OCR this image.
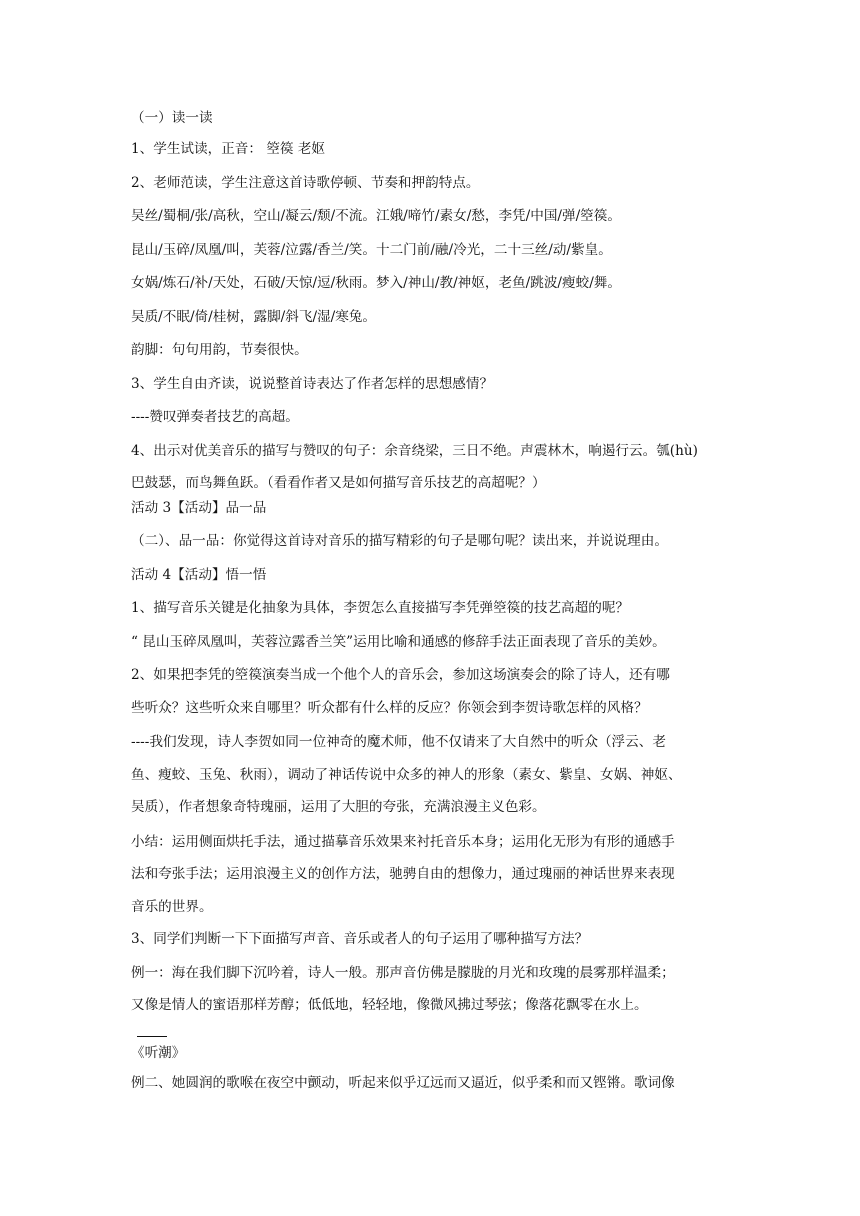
（一）读一读

1、学生试读，正音： 箜篌 老妪

2、老师范读，学生注意这首诗歌停顿、节奏和押韵特点。

吴丝/蜀桐/张/高秋，空山/凝云/颓/不流。江娥/啼竹/素女/愁，李凭/中国/弹/箜篌。

昆山/玉碎/凤凰/叫，芙蓉/泣露/香兰/笑。十二门前/融/冷光，二十三丝/动/紫皇。

女娲/炼石/补/天处，石破/天惊/逗/秋雨。梦入/神山/教/神妪，老鱼/跳波/瘦蛟/舞。

吴质/不眠/倚/桂树，露脚/斜飞/湿/寒兔。

韵脚：句句用韵，节奏很快。

3、学生自由齐读，说说整首诗表达了作者怎样的思想感情？

----赞叹弹奏者技艺的高超。

4、出示对优美音乐的描写与赞叹的句子：余音绕梁，三日不绝。声震林木，响遏行云。瓠(hù)
巴鼓瑟，而鸟舞鱼跃。（看看作者又是如何描写音乐技艺的高超呢？）

活动 3【活动】品一品

（二）、品一品：你觉得这首诗对音乐的描写精彩的句子是哪句呢？读出来，并说说理由。

活动 4【活动】悟一悟

1、描写音乐关键是化抽象为具体，李贺怎么直接描写李凭弹箜篌的技艺高超的呢？

“ 昆山玉碎凤凰叫，芙蓉泣露香兰笑”运用比喻和通感的修辞手法正面表现了音乐的美妙。

2、如果把李凭的箜篌演奏当成一个他个人的音乐会，参加这场演奏会的除了诗人，还有哪
些听众？这些听众来自哪里？听众都有什么样的反应？你领会到李贺诗歌怎样的风格？
----我们发现，诗人李贺如同一位神奇的魔术师，他不仅请来了大自然中的听众（浮云、老
鱼、瘦蛟、玉兔、秋雨），调动了神话传说中众多的神人的形象（素女、紫皇、女娲、神妪、
吴质），作者想象奇特瑰丽，运用了大胆的夸张，充满浪漫主义色彩。
小结：运用侧面烘托手法，通过描摹音乐效果来衬托音乐本身；运用化无形为有形的通感手
法和夸张手法；运用浪漫主义的创作方法，驰骋自由的想像力，通过瑰丽的神话世界来表现
音乐的世界。

3、同学们判断一下下面描写声音、音乐或者人的句子运用了哪种描写方法？

例一：海在我们脚下沉吟着，诗人一般。那声音仿佛是朦胧的月光和玫瑰的晨雾那样温柔；
又像是情人的蜜语那样芳醇；低低地，轻轻地，像微风拂过琴弦；像落花飘零在水上。
《听潮》

例二、她圆润的歌喉在夜空中颤动，听起来似乎辽远而又逼近，似乎柔和而又铿锵。歌词像
